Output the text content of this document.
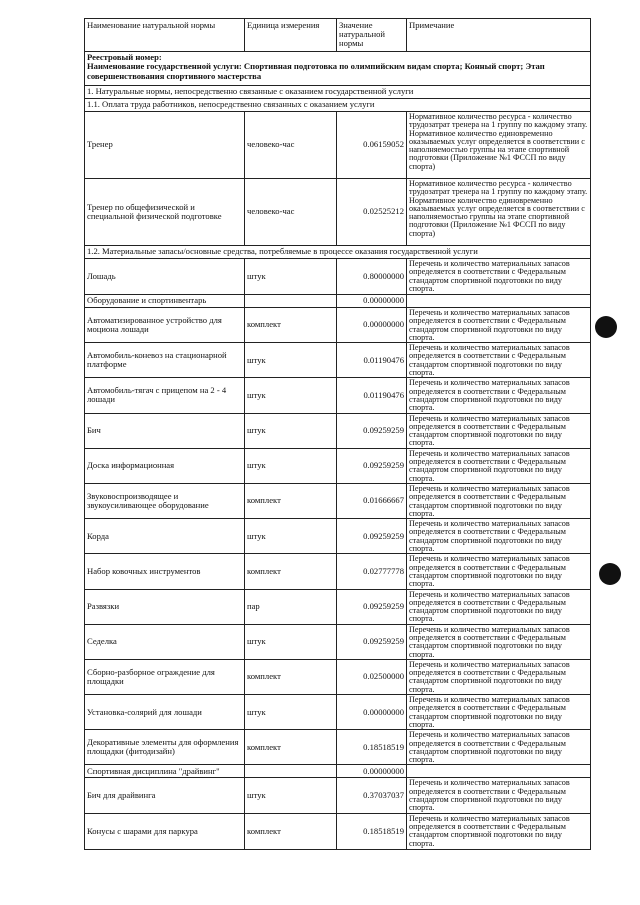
Наименование натуральной нормы	Единица измерения	Значение натуральной нормы	Примечание

Реестровый номер:
Наименование государственной услуги: Спортивная подготовка по олимпийским видам спорта; Конный спорт; Этап совершенствования спортивного мастерства			

1. Натуральные нормы, непосредственно связанные с оказанием государственной услуги			
1.1. Оплата труда работников, непосредственно связанных с оказанием услуги			
Тренер	человеко-час	0.06159052	Нормативное количество ресурса - количество трудозатрат тренера на 1 группу по каждому этапу. Нормативное количество единовременно оказываемых услуг определяется в соответствии с наполняемостью группы на этапе спортивной подготовки (Приложение №1 ФССП по виду спорта)
Тренер по общефизической и специальной физической подготовке	человеко-час	0.02525212	Нормативное количество ресурса - количество трудозатрат тренера на 1 группу по каждому этапу. Нормативное количество единовременно оказываемых услуг определяется в соответствии с наполняемостью группы на этапе спортивной подготовки (Приложение №1 ФССП по виду спорта)
1.2. Материальные запасы/основные средства, потребляемые в процессе оказания государственной услуги			
Лошадь	штук	0.80000000	Перечень и количество материальных запасов определяется в соответствии с Федеральным стандартом спортивной подготовки по виду спорта.
Оборудование и спортинвентарь		0.00000000	
Автоматизированное устройство для моциона лошади	комплект	0.00000000	Перечень и количество материальных запасов определяется в соответствии с Федеральным стандартом спортивной подготовки по виду спорта.
Автомобиль-коневоз на стационарной платформе	штук	0.01190476	Перечень и количество материальных запасов определяется в соответствии с Федеральным стандартом спортивной подготовки по виду спорта.
Автомобиль-тягач с прицепом на 2 - 4 лошади	штук	0.01190476	Перечень и количество материальных запасов определяется в соответствии с Федеральным стандартом спортивной подготовки по виду спорта.
Бич	штук	0.09259259	Перечень и количество материальных запасов определяется в соответствии с Федеральным стандартом спортивной подготовки по виду спорта.
Доска информационная	штук	0.09259259	Перечень и количество материальных запасов определяется в соответствии с Федеральным стандартом спортивной подготовки по виду спорта.
Звуковоспроизводящее и звукоусиливающее оборудование	комплект	0.01666667	Перечень и количество материальных запасов определяется в соответствии с Федеральным стандартом спортивной подготовки по виду спорта.
Корда	штук	0.09259259	Перечень и количество материальных запасов определяется в соответствии с Федеральным стандартом спортивной подготовки по виду спорта.
Набор ковочных инструментов	комплект	0.02777778	Перечень и количество материальных запасов определяется в соответствии с Федеральным стандартом спортивной подготовки по виду спорта.
Развязки	пар	0.09259259	Перечень и количество материальных запасов определяется в соответствии с Федеральным стандартом спортивной подготовки по виду спорта.
Седелка	штук	0.09259259	Перечень и количество материальных запасов определяется в соответствии с Федеральным стандартом спортивной подготовки по виду спорта.
Сборно-разборное ограждение для площадки	комплект	0.02500000	Перечень и количество материальных запасов определяется в соответствии с Федеральным стандартом спортивной подготовки по виду спорта.
Установка-солярий для лошади	штук	0.00000000	Перечень и количество материальных запасов определяется в соответствии с Федеральным стандартом спортивной подготовки по виду спорта.
Декоративные элементы для оформления площадки (фитодизайн)	комплект	0.18518519	Перечень и количество материальных запасов определяется в соответствии с Федеральным стандартом спортивной подготовки по виду спорта.
Спортивная дисциплина "драйвинг"		0.00000000	
Бич для драйвинга	штук	0.37037037	Перечень и количество материальных запасов определяется в соответствии с Федеральным стандартом спортивной подготовки по виду спорта.
Конусы с шарами для паркура	комплект	0.18518519	Перечень и количество материальных запасов определяется в соответствии с Федеральным стандартом спортивной подготовки по виду спорта.
